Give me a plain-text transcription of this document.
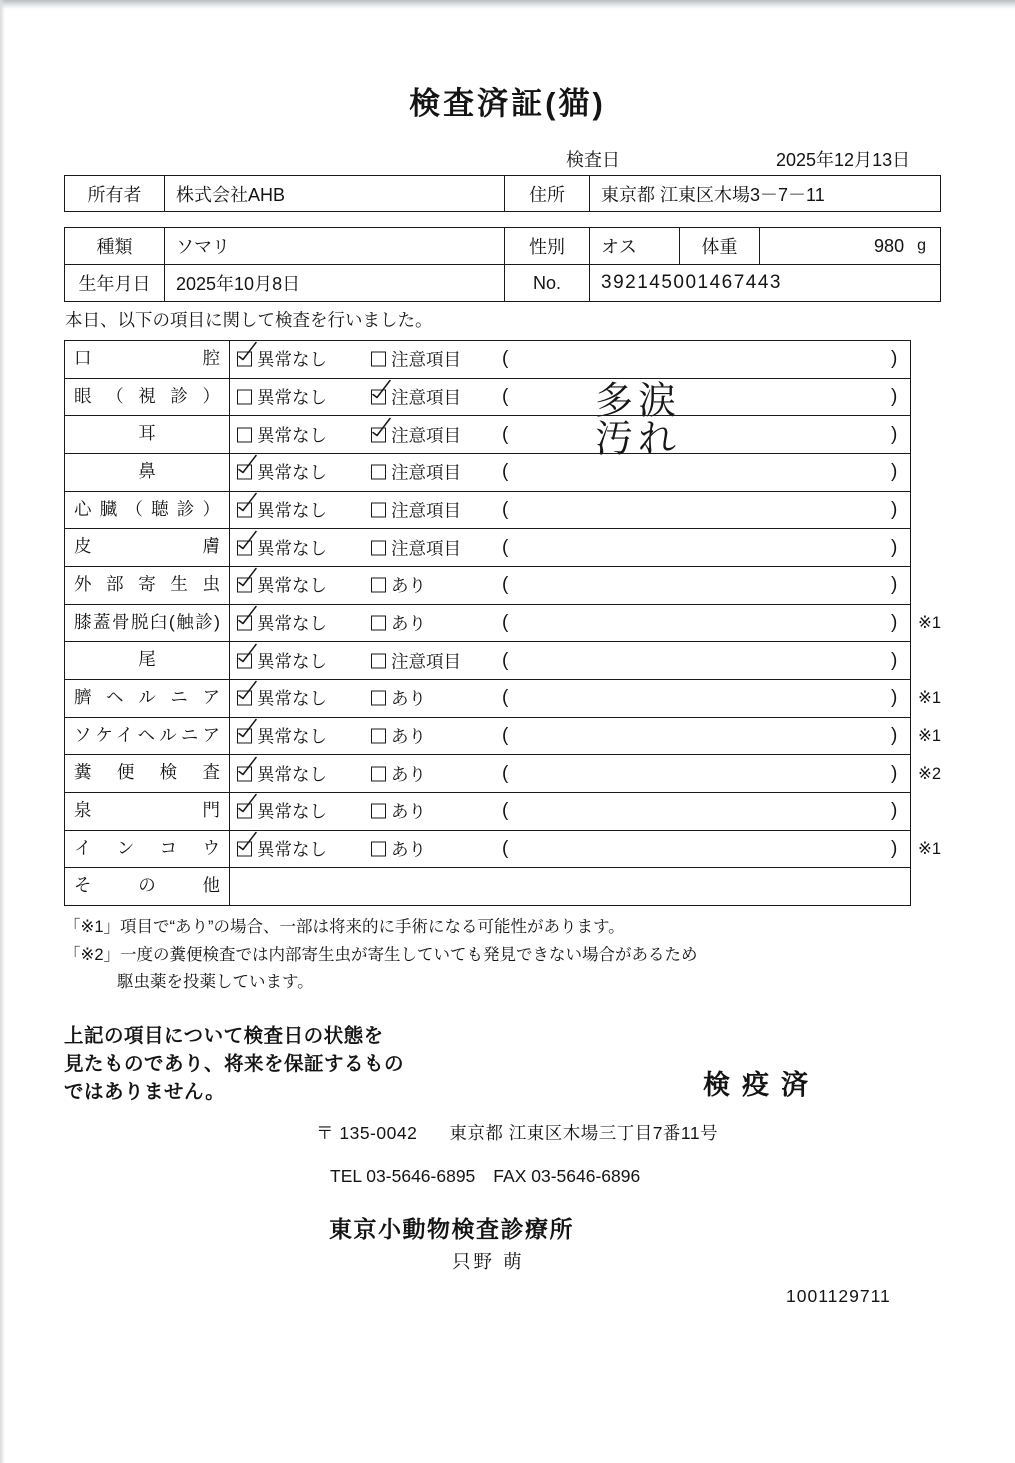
検査済証(猫)
検査日	2025年12月13日
所有者	株式会社AHB	住所	東京都 江東区木場3－7－11
種類	ソマリ	性別	オス	体重	980 g
生年月日	2025年10月8日	No.	392145001467443
本日、以下の項目に関して検査を行いました。
口腔	異常なし	注意項目 (	)
眼（視診）	異常なし	注意項目 ( 多涙	)
耳	異常なし	注意項目 ( 汚れ	)
鼻	異常なし	注意項目 (	)
心臓（聴診）	異常なし	注意項目 (	)
皮膚	異常なし	注意項目 (	)
外部寄生虫	異常なし	あり	(	)
膝蓋骨脱臼(触診)	異常なし	あり	(	) ※1
尾	異常なし	注意項目 (	)
臍ヘルニア	異常なし	あり	(	) ※1
ソケイヘルニア	異常なし	あり	(	) ※1
糞便検査	異常なし	あり	(	) ※2
泉門	異常なし	あり	(	)
インコウ	異常なし	あり	(	) ※1
その他
「※1」項目で“あり”の場合、一部は将来的に手術になる可能性があります。
「※2」一度の糞便検査では内部寄生虫が寄生していても発見できない場合があるため
駆虫薬を投薬しています。
上記の項目について検査日の状態を
見たものであり、将来を保証するもの
ではありません。	検疫済
〒 135-0042 東京都 江東区木場三丁目7番11号
TEL 03-5646-6895 FAX 03-5646-6896
東京小動物検査診療所
只野 萌
1001129711
